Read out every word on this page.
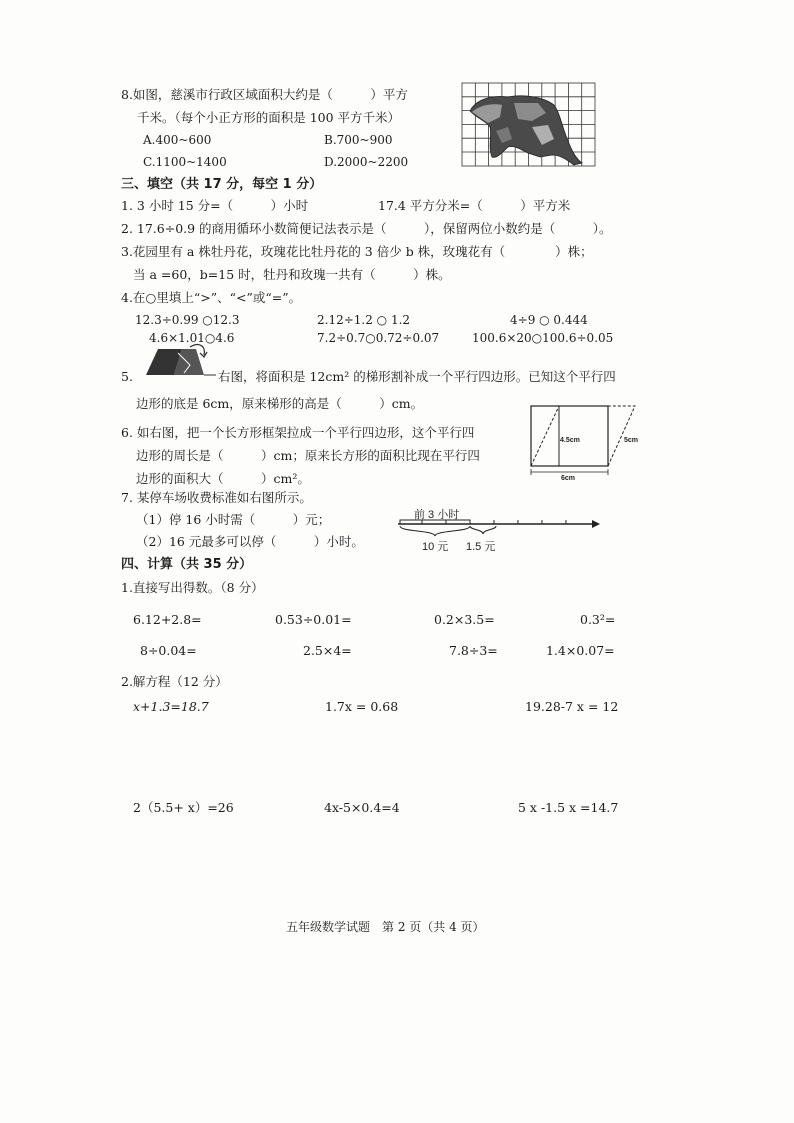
8.如图，慈溪市行政区域面积大约是（　　　）平方
千米。（每个小正方形的面积是 100 平方千米）
A.400~600	B.700~900
C.1100~1400	D.2000~2200
三、填空（共 17 分，每空 1 分）
1. 3 小时 15 分=（　　　）小时	17.4 平方分米=（　　　）平方米
2. 17.6÷0.9 的商用循环小数简便记法表示是（　　　），保留两位小数约是（　　　）。
3.花园里有 a 株牡丹花，玫瑰花比牡丹花的 3 倍少 b 株，玫瑰花有（　　　　）株；
当 a =60，b=15 时，牡丹和玫瑰一共有（　　　）株。
4.在○里填上“>”、“<”或“=”。
12.3÷0.99 ○12.3	2.12÷1.2 ○ 1.2	4÷9 ○ 0.444
4.6×1.01○4.6	7.2÷0.7○0.72÷0.07	100.6×20○100.6÷0.05
5.	右图，将面积是 12cm² 的梯形割补成一个平行四边形。已知这个平行四
边形的底是 6cm，原来梯形的高是（　　　）cm。
6. 如右图，把一个长方形框架拉成一个平行四边形，这个平行四
边形的周长是（　　　）cm；原来长方形的面积比现在平行四
边形的面积大（　　　）cm²。
4.5cm	5cm
6cm
7. 某停车场收费标准如右图所示。
（1）停 16 小时需（　　　）元；
（2）16 元最多可以停（　　　）小时。
前 3 小时
10 元 1.5 元
四、计算（共 35 分）
1.直接写出得数。（8 分）
6.12+2.8=	0.53÷0.01=	0.2×3.5=	0.3²=
8÷0.04=	2.5×4=	7.8÷3=	1.4×0.07=
2.解方程（12 分）
x+1.3=18.7	1.7x = 0.68	19.28-7 x = 12
2（5.5+ x）=26	4x-5×0.4=4	5 x -1.5 x =14.7
五年级数学试题　第 2 页（共 4 页）
